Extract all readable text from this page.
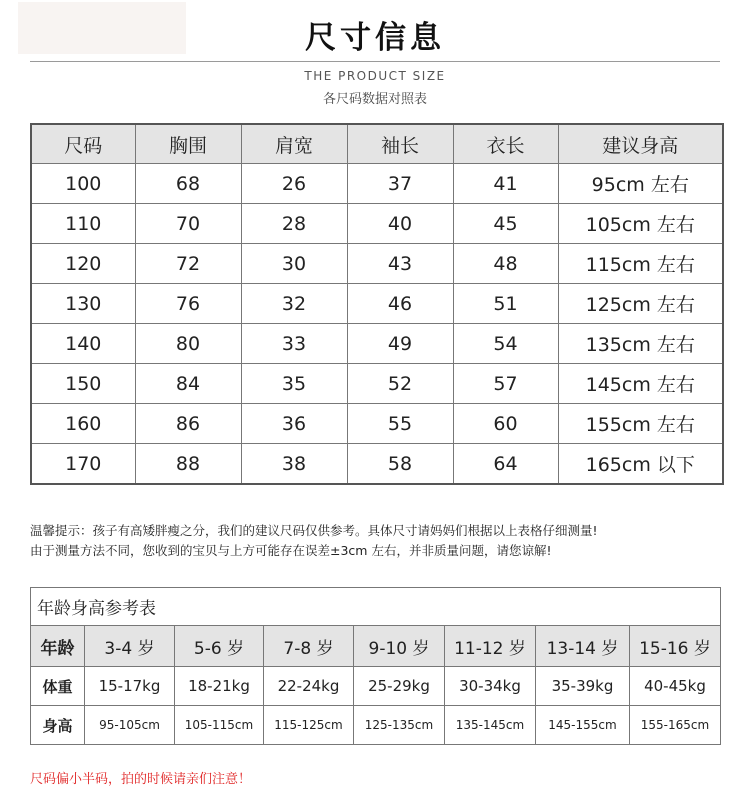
尺寸信息
THE PRODUCT SIZE
各尺码数据对照表
尺码	胸围	肩宽	袖长	衣长	建议身高
100	68	26	37	41	95cm 左右
110	70	28	40	45	105cm 左右
120	72	30	43	48	115cm 左右
130	76	32	46	51	125cm 左右
140	80	33	49	54	135cm 左右
150	84	35	52	57	145cm 左右
160	86	36	55	60	155cm 左右
170	88	38	58	64	165cm 以下
温馨提示：孩子有高矮胖瘦之分，我们的建议尺码仅供参考。具体尺寸请妈妈们根据以上表格仔细测量!
由于测量方法不同，您收到的宝贝与上方可能存在误差±3cm 左右，并非质量问题，请您谅解!
年龄身高参考表							
年龄	3-4 岁	5-6 岁	7-8 岁	9-10 岁	11-12 岁	13-14 岁	15-16 岁
体重	15-17kg	18-21kg	22-24kg	25-29kg	30-34kg	35-39kg	40-45kg
身高	95-105cm	105-115cm	115-125cm	125-135cm	135-145cm	145-155cm	155-165cm
尺码偏小半码，拍的时候请亲们注意！
